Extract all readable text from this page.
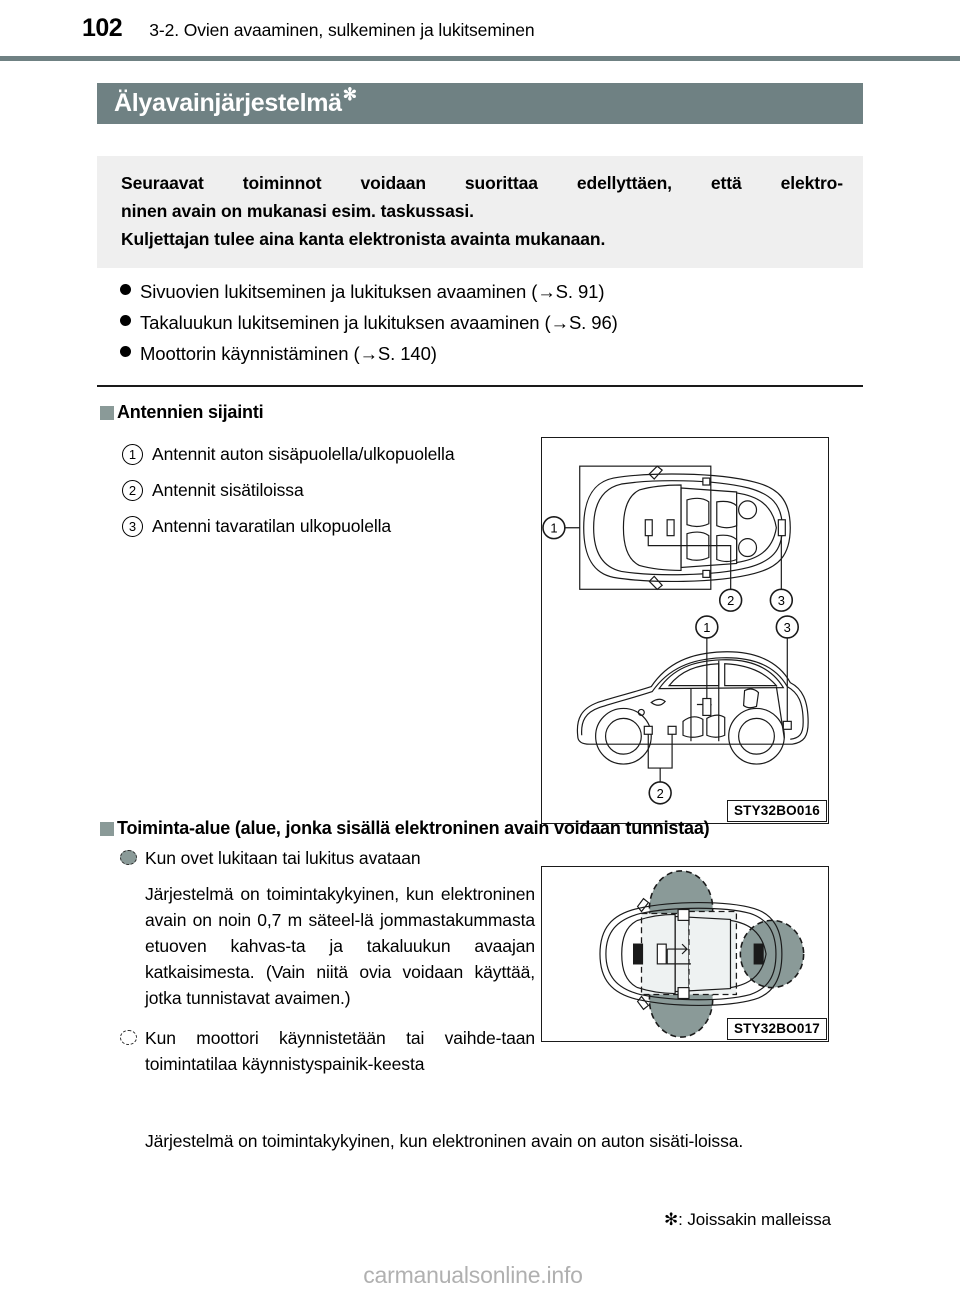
102 3-2. Ovien avaaminen, sulkeminen ja lukitseminen
Älyavainjärjestelmä ✻
Seuraavat toiminnot voidaan suorittaa edellyttäen, että elektro-
ninen avain on mukanasi esim. taskussasi.
Kuljettajan tulee aina kanta elektronista avainta mukanaan.
Sivuovien lukitseminen ja lukituksen avaaminen (→S. 91)
Takaluukun lukitseminen ja lukituksen avaaminen (→S. 96)
Moottorin käynnistäminen (→S. 140)
Antennien sijainti
1 Antennit auton sisäpuolella/ulkopuolella
2 Antennit sisätiloissa
3 Antenni tavaratilan ulkopuolella	1
2	3
1	3
2
STY32BO016
Toiminta-alue (alue, jonka sisällä elektroninen avain voidaan tunnistaa)
Kun ovet lukitaan tai lukitus avataan
Järjestelmä on toimintakykyinen, kun elektroninen avain on noin 0,7 m säteel-lä jommastakummasta etuoven kahvas-ta ja takaluukun avaajan katkaisimesta. (Vain niitä ovia voidaan käyttää, jotka tunnistavat avaimen.)
Kun moottori käynnistetään tai vaihde-taan toimintatilaa käynnistyspainik-keesta
Järjestelmä on toimintakykyinen, kun elektroninen avain on auton sisäti-loissa.
STY32BO017
✻: Joissakin malleissa
carmanualsonline.info
